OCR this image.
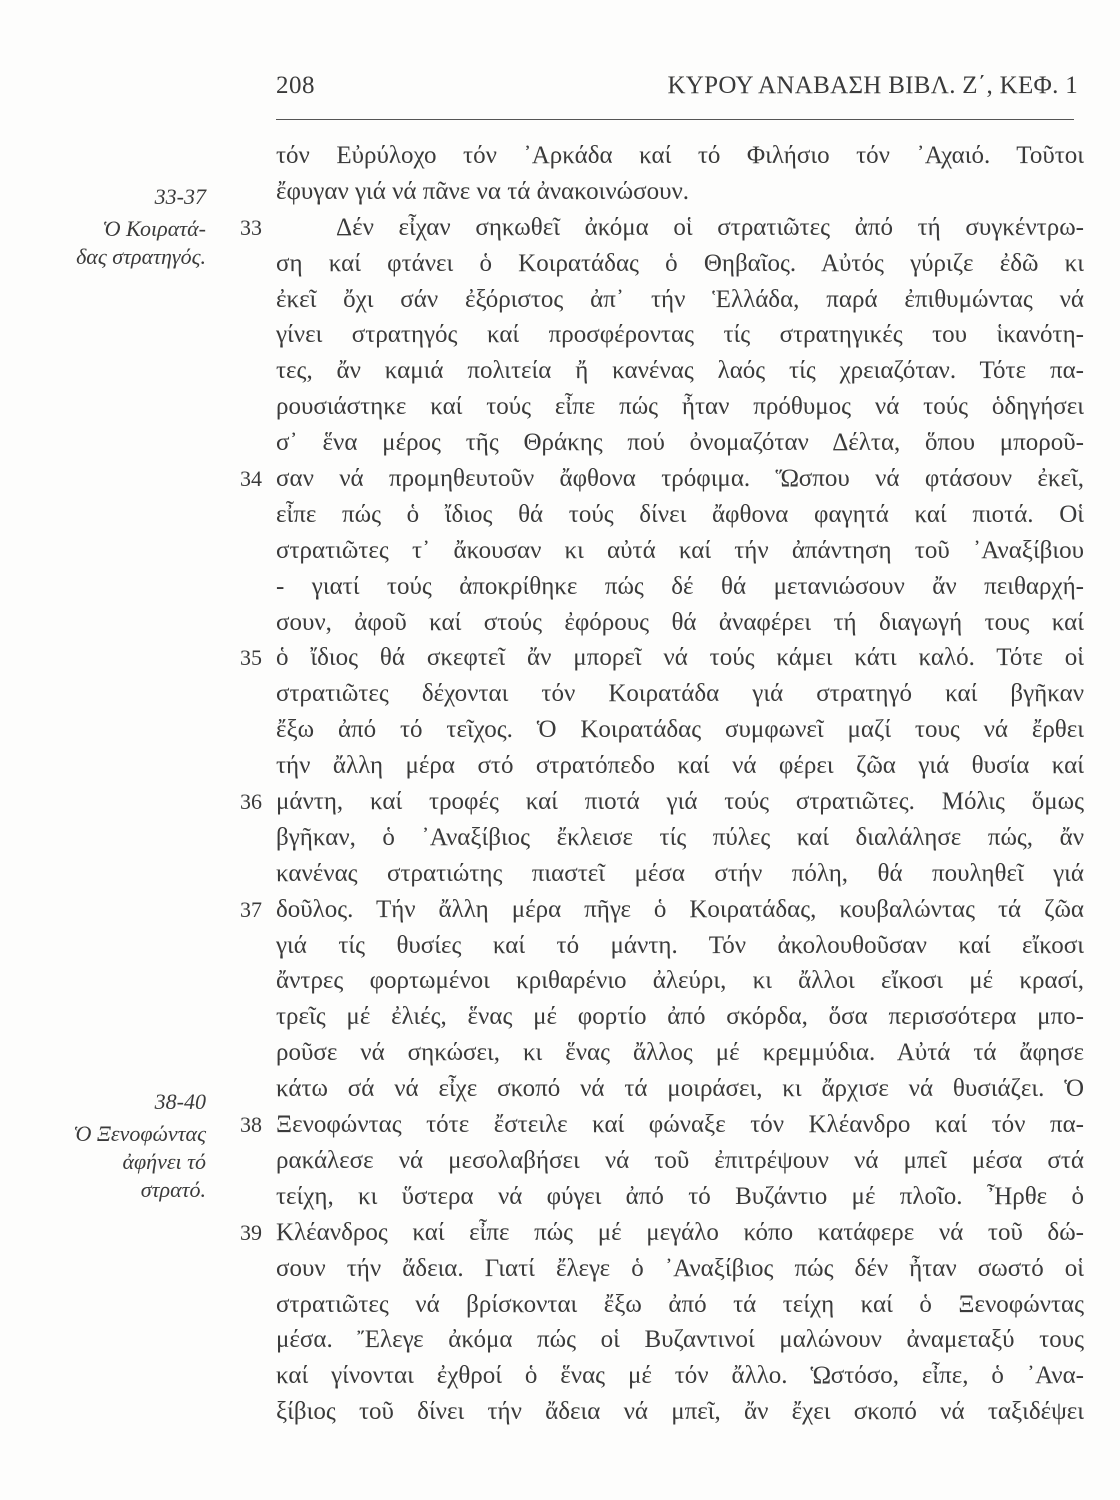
208	ΚΥΡΟΥ ΑΝΑΒΑΣΗ ΒΙΒΛ. Ζ΄, ΚΕΦ. 1
33-37
Ὁ Κοιρατά-
δας στρατηγός.
38-40
Ὁ Ξενοφώντας
ἀφήνει τό
στρατό.
τόν Εὐρύλοχο τόν ᾿Αρκάδα καί τό Φιλήσιο τόν ᾿Αχαιό. Τοῦτοι
ἔφυγαν γιά νά πᾶνε να τά ἀνακοινώσουν.
33	Δέν εἶχαν σηκωθεῖ ἀκόμα οἱ στρατιῶτες ἀπό τή συγκέντρω-
ση καί φτάνει ὁ Κοιρατάδας ὁ Θηβαῖος. Αὐτός γύριζε ἐδῶ κι
ἐκεῖ ὄχι σάν ἐξόριστος ἀπ᾿ τήν Ἑλλάδα, παρά ἐπιθυμώντας νά
γίνει στρατηγός καί προσφέροντας τίς στρατηγικές του ἱκανότη-
τες, ἄν καμιά πολιτεία ἤ κανένας λαός τίς χρειαζόταν. Τότε πα-
ρουσιάστηκε καί τούς εἶπε πώς ἦταν πρόθυμος νά τούς ὁδηγήσει
σ᾿ ἕνα μέρος τῆς Θράκης πού ὀνομαζόταν Δέλτα, ὅπου μποροῦ-
34 σαν νά προμηθευτοῦν ἄφθονα τρόφιμα. Ὥσπου νά φτάσουν ἐκεῖ,
εἶπε πώς ὁ ἴδιος θά τούς δίνει ἄφθονα φαγητά καί πιοτά. Οἱ
στρατιῶτες τ᾿ ἄκουσαν κι αὐτά καί τήν ἀπάντηση τοῦ ᾿Αναξίβιου
- γιατί τούς ἀποκρίθηκε πώς δέ θά μετανιώσουν ἄν πειθαρχή-
σουν, ἀφοῦ καί στούς ἐφόρους θά ἀναφέρει τή διαγωγή τους καί
35 ὁ ἴδιος θά σκεφτεῖ ἄν μπορεῖ νά τούς κάμει κάτι καλό. Τότε οἱ
στρατιῶτες δέχονται τόν Κοιρατάδα γιά στρατηγό καί βγῆκαν
ἔξω ἀπό τό τεῖχος. Ὁ Κοιρατάδας συμφωνεῖ μαζί τους νά ἔρθει
τήν ἄλλη μέρα στό στρατόπεδο καί νά φέρει ζῶα γιά θυσία καί
36 μάντη, καί τροφές καί πιοτά γιά τούς στρατιῶτες. Μόλις ὅμως
βγῆκαν, ὁ ᾿Αναξίβιος ἔκλεισε τίς πύλες καί διαλάλησε πώς, ἄν
κανένας στρατιώτης πιαστεῖ μέσα στήν πόλη, θά πουληθεῖ γιά
37 δοῦλος. Τήν ἄλλη μέρα πῆγε ὁ Κοιρατάδας, κουβαλώντας τά ζῶα
γιά τίς θυσίες καί τό μάντη. Τόν ἀκολουθοῦσαν καί εἴκοσι
ἄντρες φορτωμένοι κριθαρένιο ἀλεύρι, κι ἄλλοι εἴκοσι μέ κρασί,
τρεῖς μέ ἐλιές, ἕνας μέ φορτίο ἀπό σκόρδα, ὅσα περισσότερα μπο-
ροῦσε νά σηκώσει, κι ἕνας ἄλλος μέ κρεμμύδια. Αὐτά τά ἄφησε
κάτω σά νά εἶχε σκοπό νά τά μοιράσει, κι ἄρχισε νά θυσιάζει. Ὁ
38 Ξενοφώντας τότε ἔστειλε καί φώναξε τόν Κλέανδρο καί τόν πα-
ρακάλεσε νά μεσολαβήσει νά τοῦ ἐπιτρέψουν νά μπεῖ μέσα στά
τείχη, κι ὕστερα νά φύγει ἀπό τό Βυζάντιο μέ πλοῖο. Ἦρθε ὁ
39 Κλέανδρος καί εἶπε πώς μέ μεγάλο κόπο κατάφερε νά τοῦ δώ-
σουν τήν ἄδεια. Γιατί ἔλεγε ὁ ᾿Αναξίβιος πώς δέν ἦταν σωστό οἱ
στρατιῶτες νά βρίσκονται ἔξω ἀπό τά τείχη καί ὁ Ξενοφώντας
μέσα. Ἔλεγε ἀκόμα πώς οἱ Βυζαντινοί μαλώνουν ἀναμεταξύ τους
καί γίνονται ἐχθροί ὁ ἕνας μέ τόν ἄλλο. Ὡστόσο, εἶπε, ὁ ᾿Ανα-
ξίβιος τοῦ δίνει τήν ἄδεια νά μπεῖ, ἄν ἔχει σκοπό νά ταξιδέψει
